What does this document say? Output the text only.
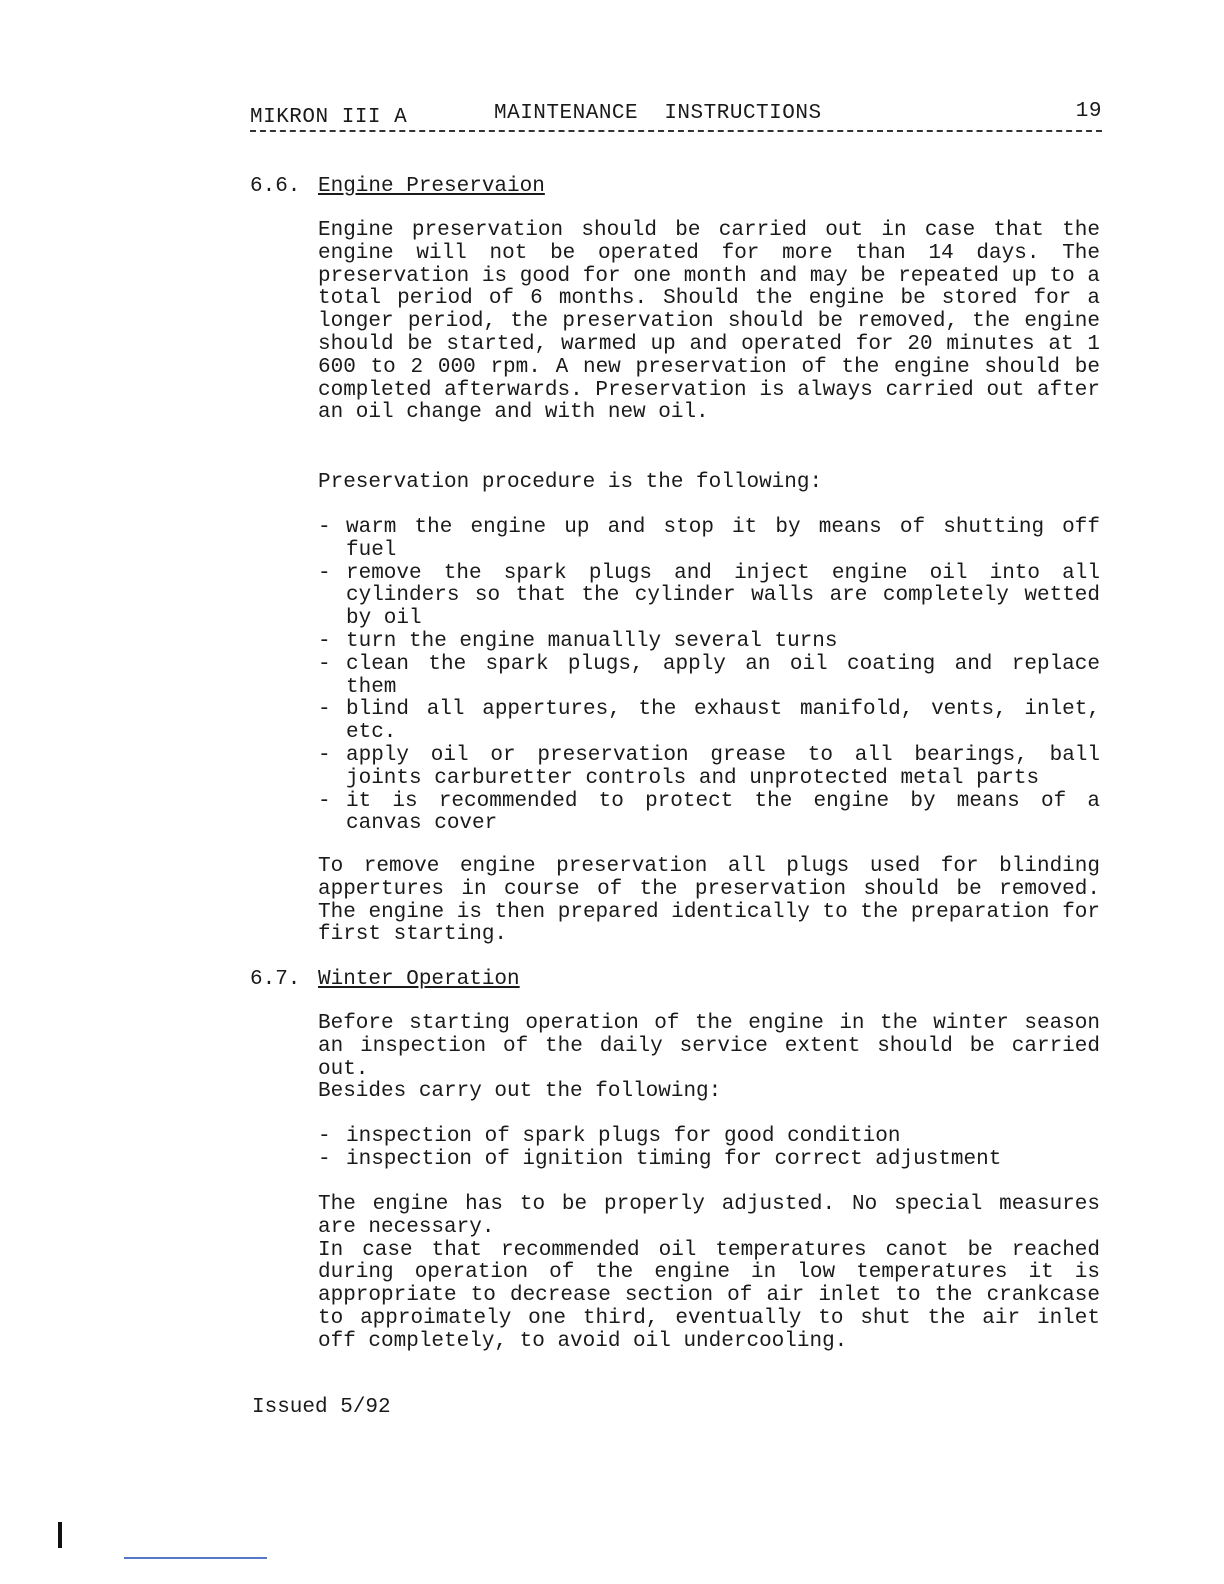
MIKRON III A	MAINTENANCE  INSTRUCTIONS	19
6.6. Engine Preservaion

Engine preservation should be carried out in case that the engine will not be operated for more than 14 days. The preservation is good for one month and may be repeated up to a total period of 6 months. Should the engine be stored for a longer period, the preservation should be removed, the engine should be started, warmed up and operated for 20 minutes at 1 600 to 2 000 rpm. A new preservation of the engine should be completed afterwards. Preservation is always carried out after an oil change and with new oil.

Preservation procedure is the following:

- warm the engine up and stop it by means of shutting off fuel
- remove the spark plugs and inject engine oil into all cylinders so that the cylinder walls are completely wetted by oil
- turn the engine manuallly several turns
- clean the spark plugs, apply an oil coating and replace them
- blind all appertures, the exhaust manifold, vents, inlet, etc.
- apply oil or preservation grease to all bearings, ball joints carburetter controls and unprotected metal parts
- it is recommended to protect the engine by means of a canvas cover

To remove engine preservation all plugs used for blinding appertures in course of the preservation should be removed. The engine is then prepared identically to the preparation for first starting.

6.7. Winter Operation

Before starting operation of the engine in the winter season an inspection of the daily service extent should be carried out.

Besides carry out the following:

- inspection of spark plugs for good condition
- inspection of ignition timing for correct adjustment

The engine has to be properly adjusted. No special measures are necessary.

In case that recommended oil temperatures canot be reached during operation of the engine in low temperatures it is appropriate to decrease section of air inlet to the crankcase to approimately one third, eventually to shut the air inlet off completely, to avoid oil undercooling.

Issued 5/92
